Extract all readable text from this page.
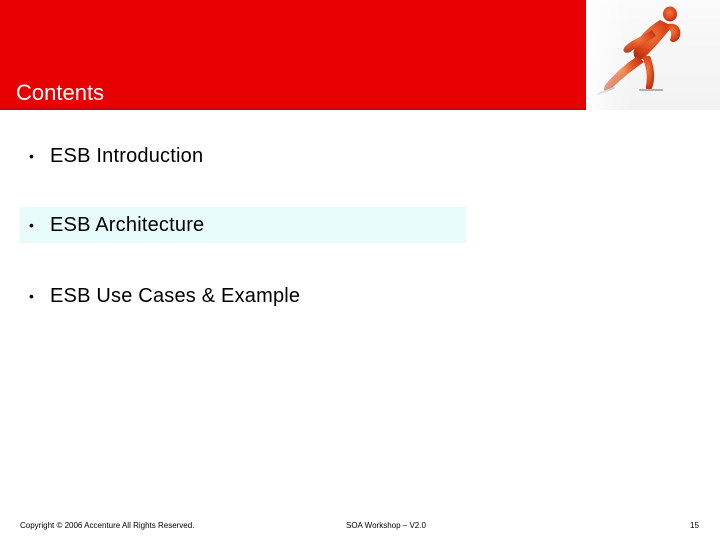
Contents
• ESB Introduction
• ESB Architecture
• ESB Use Cases & Example
Copyright © 2006 Accenture All Rights Reserved.	SOA Workshop – V2.0	15
